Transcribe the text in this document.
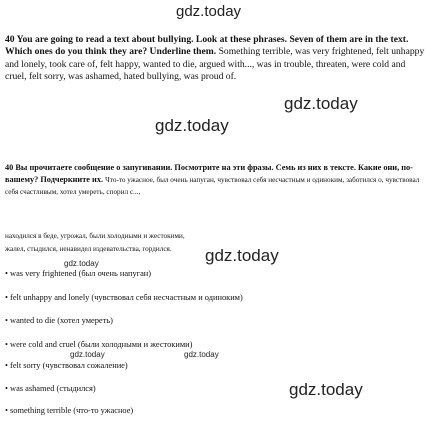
gdz.today
gdz.today
gdz.today
gdz.today
gdz.today
gdz.today	gdz.today
gdz.today
40 You are going to read a text about bullying. Look at these phrases. Seven of them are in the text. Which ones do you think they are? Underline them. Something terrible, was very frightened, felt unhappy and lonely, took care of, felt happy, wanted to die, argued with..., was in trouble, threaten, were cold and cruel, felt sorry, was ashamed, hated bullying, was proud of.
40 Вы прочитаете сообщение о запугивании. Посмотрите на эти фразы. Семь из них в тексте. Какие они, по-вашему? Подчеркните их. Что-то ужасное, был очень напуган, чувствовал себя несчастным и одиноким, заботился о, чувствовал себя счастливым, хотел умереть, спорил с...,
находился в беде, угрожал, были холодными и жестокими, жалел, стыдился, ненавидел издевательства, гордился.
• was very frightened (был очень напуган)
• felt unhappy and lonely (чувствовал себя несчастным и одиноким)
• wanted to die (хотел умереть)
• were cold and cruel (были холодными и жестокими)
• felt sorry (чувствовал сожаление)
• was ashamed (стыдился)
• something terrible (что-то ужасное)
